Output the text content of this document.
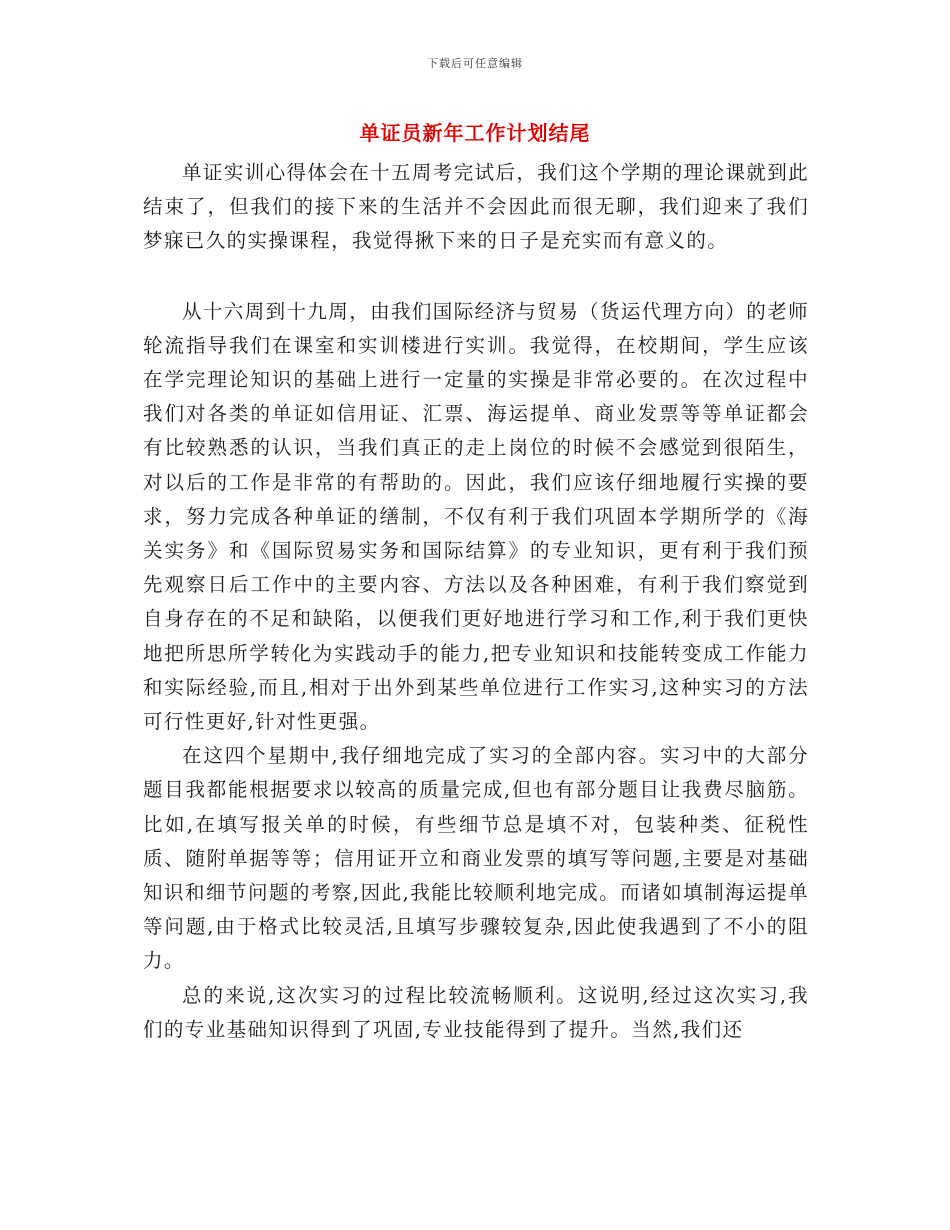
下载后可任意编辑
单证员新年工作计划结尾

单证实训心得体会在十五周考完试后，我们这个学期的理论课就到此结束了，但我们的接下来的生活并不会因此而很无聊，我们迎来了我们梦寐已久的实操课程，我觉得揪下来的日子是充实而有意义的。

从十六周到十九周，由我们国际经济与贸易（货运代理方向）的老师轮流指导我们在课室和实训楼进行实训。我觉得，在校期间，学生应该在学完理论知识的基础上进行一定量的实操是非常必要的。在次过程中我们对各类的单证如信用证、汇票、海运提单、商业发票等等单证都会有比较熟悉的认识，当我们真正的走上岗位的时候不会感觉到很陌生，对以后的工作是非常的有帮助的。因此，我们应该仔细地履行实操的要求，努力完成各种单证的缮制，不仅有利于我们巩固本学期所学的《海关实务》和《国际贸易实务和国际结算》的专业知识，更有利于我们预先观察日后工作中的主要内容、方法以及各种困难，有利于我们察觉到自身存在的不足和缺陷，以便我们更好地进行学习和工作,利于我们更快地把所思所学转化为实践动手的能力,把专业知识和技能转变成工作能力和实际经验,而且,相对于出外到某些单位进行工作实习,这种实习的方法可行性更好,针对性更强。

在这四个星期中,我仔细地完成了实习的全部内容。实习中的大部分题目我都能根据要求以较高的质量完成,但也有部分题目让我费尽脑筋。比如,在填写报关单的时候，有些细节总是填不对，包装种类、征税性质、随附单据等等；信用证开立和商业发票的填写等问题,主要是对基础知识和细节问题的考察,因此,我能比较顺利地完成。而诸如填制海运提单等问题,由于格式比较灵活,且填写步骤较复杂,因此使我遇到了不小的阻力。

总的来说,这次实习的过程比较流畅顺利。这说明,经过这次实习,我们的专业基础知识得到了巩固,专业技能得到了提升。当然,我们还
